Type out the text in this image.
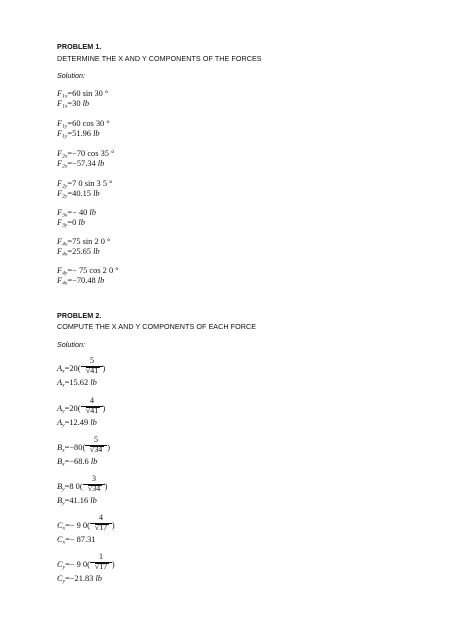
PROBLEM 1.
DETERMINE THE X AND Y COMPONENTS OF THE FORCES
Solution:
$F_{1x}=60$ sin 30 °
$F_{1x}=30$ lb
$F_{1y}=60$ cos 30 °
$F_{1y}=51.96$ lb
$F_{2x}=-70$ cos 35 °
$F_{2x}=-57.34$ lb
$F_{2y}=7$ 0 sin 3 5 °
$F_{2y}=40.15$ lb
$F_{3x}=- 40$ lb
$F_{3y}=0$ lb
$F_{4x}=75$ sin 2 0 °
$F_{4x}=25.65$ lb
$F_{4y}=- 75$ cos 2 0 °
$F_{4x}=-70.48$ lb
PROBLEM 2.
COMPUTE THE X AND Y COMPONENTS OF EACH FORCE
Solution:
$A_x=20$(	)
5
√41
$A_x=15.62$ lb
$A_y=20$(	)
4
√41
$A_y=12.49$ lb
$B_x=-80$(	)
5
√34
$B_x=-68.6$ lb
$B_y=8$ 0(	)
3
√34
$B_y=41.16$ lb
$C_x=- 9$ 0(	)
4
√17
$C_x=- 87.31$
$C_y=- 9$ 0(	)
1
√17
$C_y=-21.83$ lb
